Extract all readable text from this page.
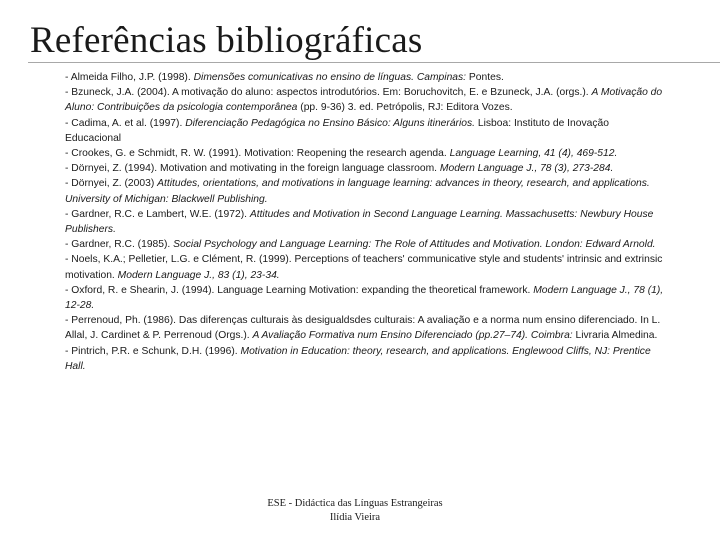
Referências bibliográficas

- Almeida Filho, J.P. (1998). Dimensões comunicativas no ensino de línguas. Campinas: Pontes.

- Bzuneck, J.A. (2004). A motivação do aluno: aspectos introdutórios. Em: Boruchovitch, E. e Bzuneck, J.A. (orgs.). A Motivação do Aluno: Contribuições da psicologia contemporânea (pp. 9-36) 3. ed. Petrópolis, RJ: Editora Vozes.

- Cadima, A. et al. (1997). Diferenciação Pedagógica no Ensino Básico: Alguns itinerários. Lisboa: Instituto de Inovação Educacional

- Crookes, G. e Schmidt, R. W. (1991). Motivation: Reopening the research agenda. Language Learning, 41 (4), 469-512.

- Dörnyei, Z. (1994). Motivation and motivating in the foreign language classroom. Modern Language J., 78 (3), 273-284.

- Dörnyei, Z. (2003) Attitudes, orientations, and motivations in language learning: advances in theory, research, and applications. University of Michigan: Blackwell Publishing.

- Gardner, R.C. e Lambert, W.E. (1972). Attitudes and Motivation in Second Language Learning. Massachusetts: Newbury House Publishers.

- Gardner, R.C. (1985). Social Psychology and Language Learning: The Role of Attitudes and Motivation. London: Edward Arnold.

- Noels, K.A.; Pelletier, L.G. e Clément, R. (1999). Perceptions of teachers' communicative style and students' intrinsic and extrinsic motivation. Modern Language J., 83 (1), 23-34.

- Oxford, R. e Shearin, J. (1994). Language Learning Motivation: expanding the theoretical framework. Modern Language J., 78 (1), 12-28.

- Perrenoud, Ph. (1986). Das diferenças culturais às desigualdsdes culturais: A avaliação e a norma num ensino diferenciado. In L. Allal, J. Cardinet & P. Perrenoud (Orgs.). A Avaliação Formativa num Ensino Diferenciado (pp.27–74). Coimbra: Livraria Almedina.

- Pintrich, P.R. e Schunk, D.H. (1996). Motivation in Education: theory, research, and applications. Englewood Cliffs, NJ: Prentice Hall.

ESE - Didáctica das Línguas Estrangeiras
Ilídia Vieira
